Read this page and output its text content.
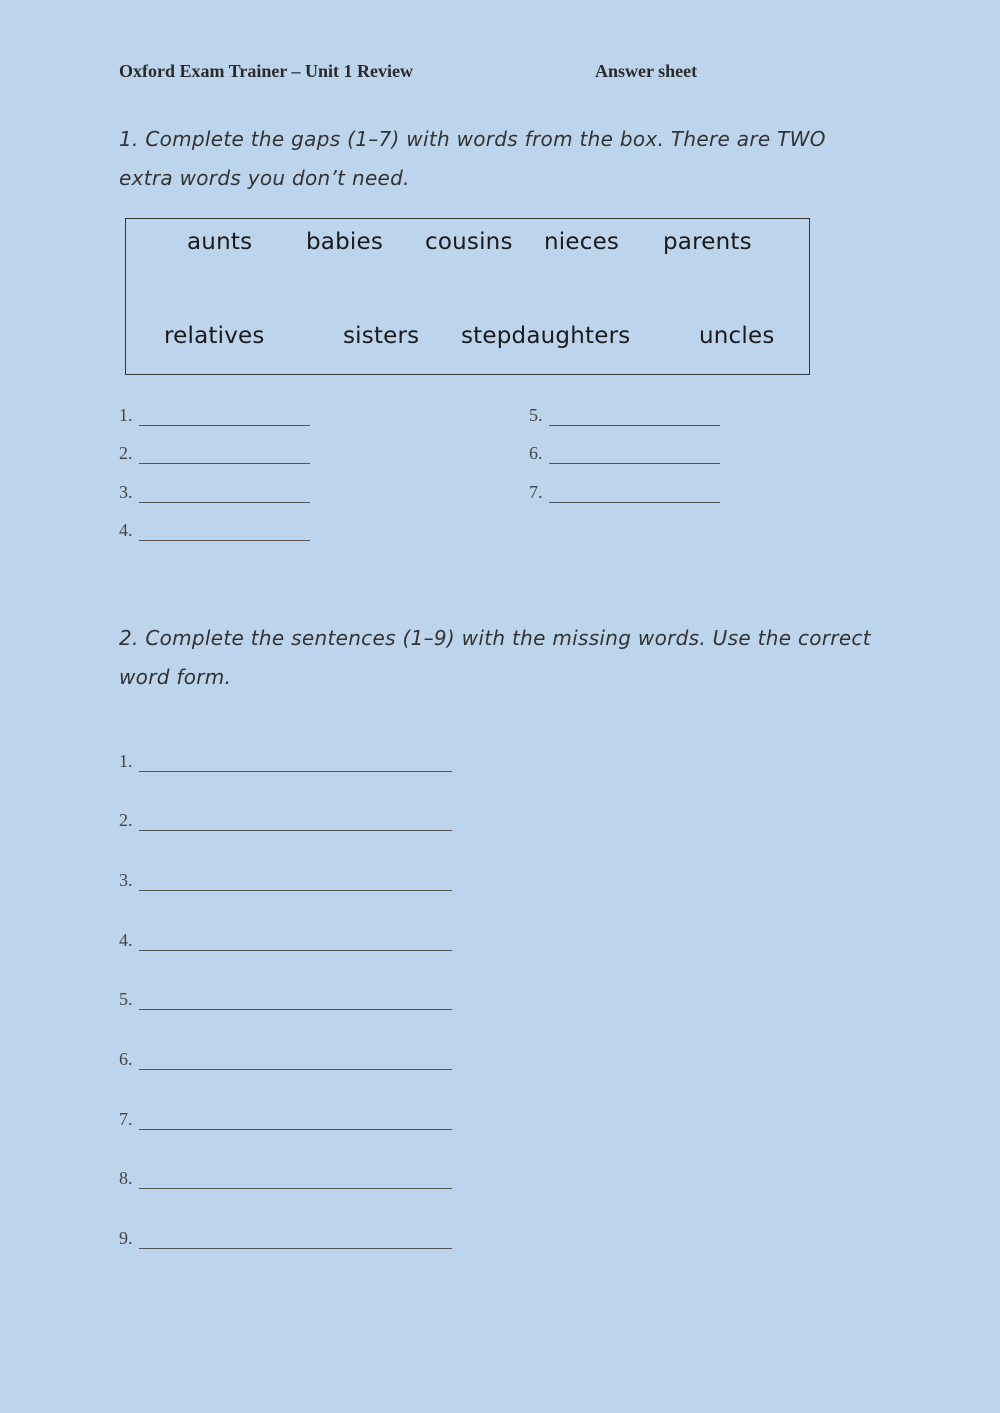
Oxford Exam Trainer – Unit 1 Review	Answer sheet
1. Complete the gaps (1–7) with words from the box. There are TWO
extra words you don’t need.
aunts babies cousins nieces parents
relatives	sisters stepdaughters	uncles
1.
2.
3.
4.
5.
6.
7.
2. Complete the sentences (1–9) with the missing words. Use the correct
word form.
1.
2.
3.
4.
5.
6.
7.
8.
9.
